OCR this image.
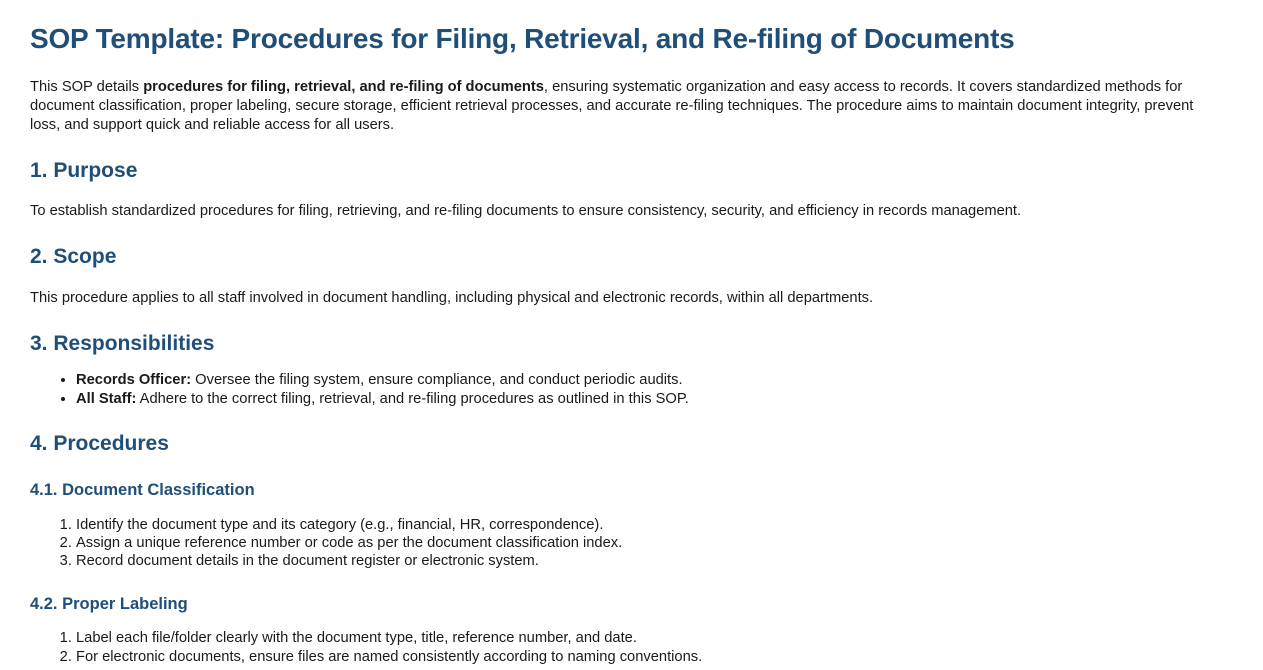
SOP Template: Procedures for Filing, Retrieval, and Re-filing of Documents

This SOP details procedures for filing, retrieval, and re-filing of documents, ensuring systematic organization and easy access to records. It covers standardized methods for document classification, proper labeling, secure storage, efficient retrieval processes, and accurate re-filing techniques. The procedure aims to maintain document integrity, prevent loss, and support quick and reliable access for all users.

1. Purpose

To establish standardized procedures for filing, retrieving, and re-filing documents to ensure consistency, security, and efficiency in records management.

2. Scope

This procedure applies to all staff involved in document handling, including physical and electronic records, within all departments.

3. Responsibilities
• Records Officer: Oversee the filing system, ensure compliance, and conduct periodic audits.
• All Staff: Adhere to the correct filing, retrieval, and re-filing procedures as outlined in this SOP.
4. Procedures
4.1. Document Classification
1. Identify the document type and its category (e.g., financial, HR, correspondence).
2. Assign a unique reference number or code as per the document classification index.
3. Record document details in the document register or electronic system.
4.2. Proper Labeling
1. Label each file/folder clearly with the document type, title, reference number, and date.
2. For electronic documents, ensure files are named consistently according to naming conventions.
